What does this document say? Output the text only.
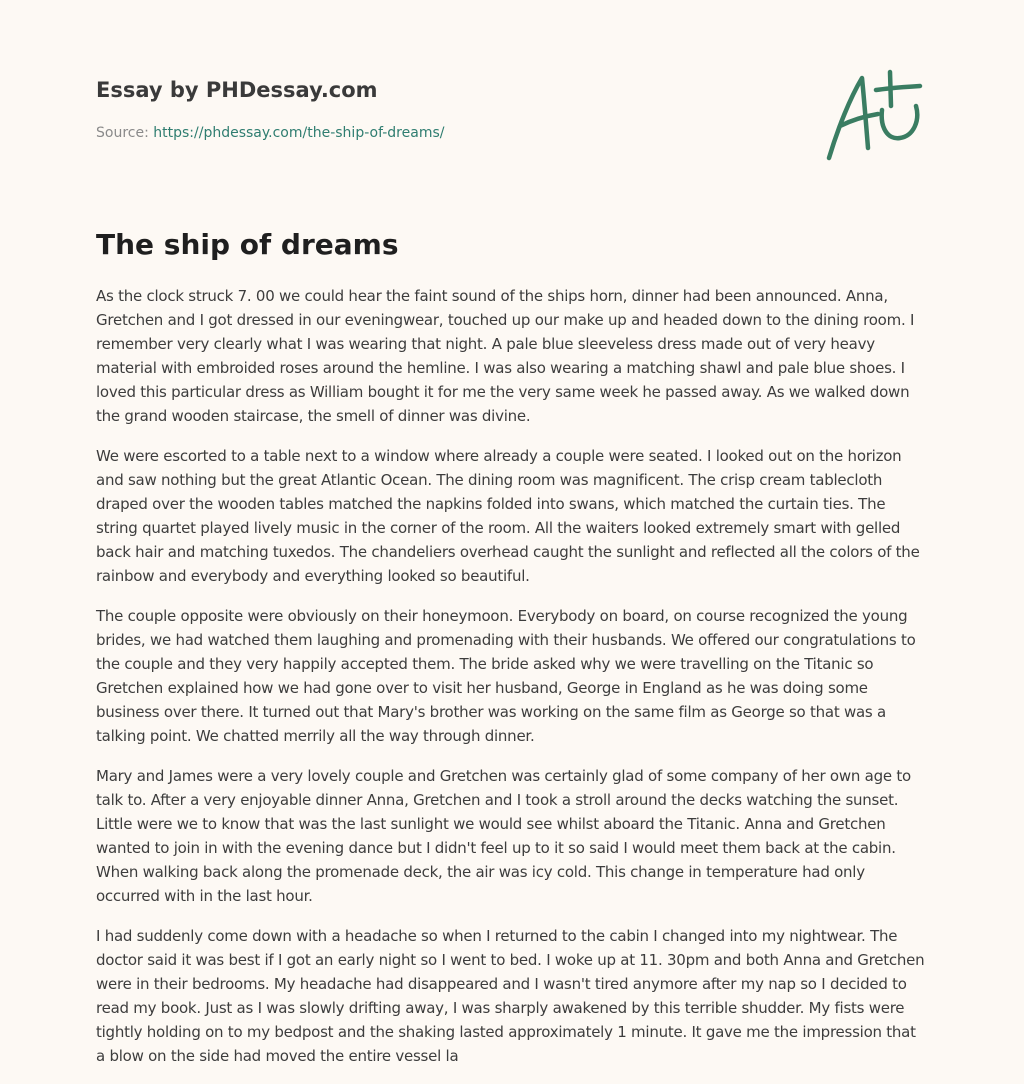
Essay by PHDessay.com
Source: https://phdessay.com/the-ship-of-dreams/
The ship of dreams

As the clock struck 7. 00 we could hear the faint sound of the ships horn, dinner had been announced. Anna, Gretchen and I got dressed in our eveningwear, touched up our make up and headed down to the dining room. I remember very clearly what I was wearing that night. A pale blue sleeveless dress made out of very heavy material with embroided roses around the hemline. I was also wearing a matching shawl and pale blue shoes. I loved this particular dress as William bought it for me the very same week he passed away. As we walked down the grand wooden staircase, the smell of dinner was divine.

We were escorted to a table next to a window where already a couple were seated. I looked out on the horizon and saw nothing but the great Atlantic Ocean. The dining room was magnificent. The crisp cream tablecloth draped over the wooden tables matched the napkins folded into swans, which matched the curtain ties. The string quartet played lively music in the corner of the room. All the waiters looked extremely smart with gelled back hair and matching tuxedos. The chandeliers overhead caught the sunlight and reflected all the colors of the rainbow and everybody and everything looked so beautiful.

The couple opposite were obviously on their honeymoon. Everybody on board, on course recognized the young brides, we had watched them laughing and promenading with their husbands. We offered our congratulations to the couple and they very happily accepted them. The bride asked why we were travelling on the Titanic so Gretchen explained how we had gone over to visit her husband, George in England as he was doing some business over there. It turned out that Mary's brother was working on the same film as George so that was a talking point. We chatted merrily all the way through dinner.

Mary and James were a very lovely couple and Gretchen was certainly glad of some company of her own age to talk to. After a very enjoyable dinner Anna, Gretchen and I took a stroll around the decks watching the sunset. Little were we to know that was the last sunlight we would see whilst aboard the Titanic. Anna and Gretchen wanted to join in with the evening dance but I didn't feel up to it so said I would meet them back at the cabin. When walking back along the promenade deck, the air was icy cold. This change in temperature had only occurred with in the last hour.

I had suddenly come down with a headache so when I returned to the cabin I changed into my nightwear. The doctor said it was best if I got an early night so I went to bed. I woke up at 11. 30pm and both Anna and Gretchen were in their bedrooms. My headache had disappeared and I wasn't tired anymore after my nap so I decided to read my book. Just as I was slowly drifting away, I was sharply awakened by this terrible shudder. My fists were tightly holding on to my bedpost and the shaking lasted approximately 1 minute. It gave me the impression that a blow on the side had moved the entire vessel la
